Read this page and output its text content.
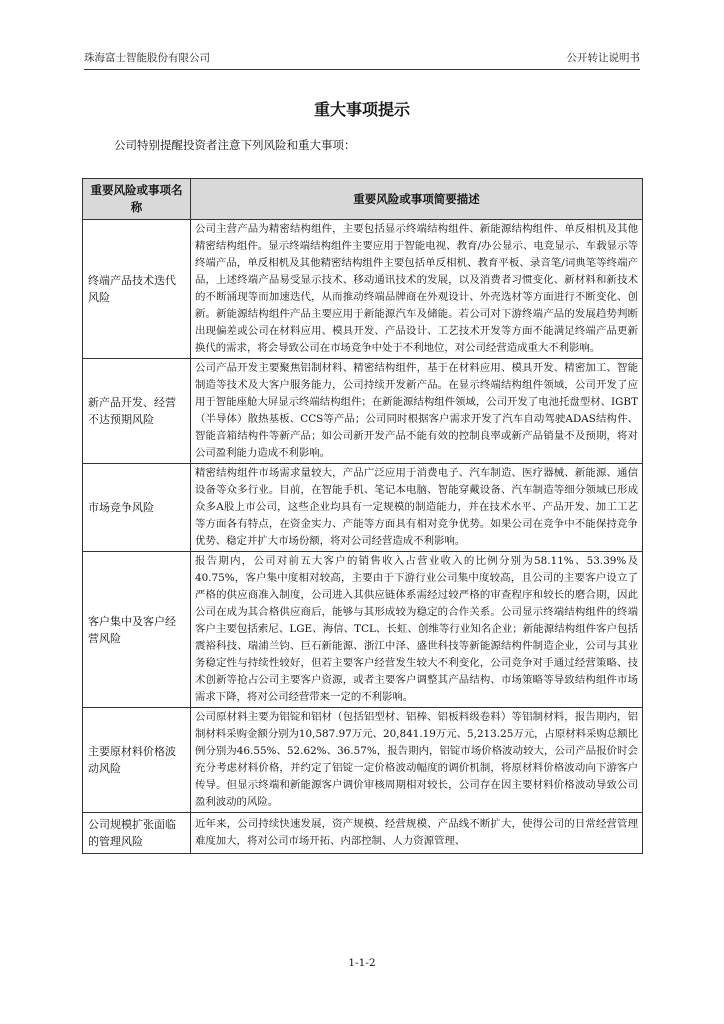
珠海富士智能股份有限公司	公开转让说明书
重大事项提示
公司特别提醒投资者注意下列风险和重大事项：
重要风险或事项名称	重要风险或事项简要描述
终端产品技术迭代风险	公司主营产品为精密结构组件，主要包括显示终端结构组件、新能源结构组件、单反相机及其他精密结构组件。显示终端结构组件主要应用于智能电视、教育/办公显示、电竞显示、车载显示等终端产品，单反相机及其他精密结构组件主要包括单反相机、教育平板、录音笔/词典笔等终端产品，上述终端产品易受显示技术、移动通讯技术的发展，以及消费者习惯变化、新材料和新技术的不断涌现等而加速迭代，从而推动终端品牌商在外观设计、外壳选材等方面进行不断变化、创新。新能源结构组件产品主要应用于新能源汽车及储能。若公司对下游终端产品的发展趋势判断出现偏差或公司在材料应用、模具开发、产品设计、工艺技术开发等方面不能满足终端产品更新换代的需求，将会导致公司在市场竞争中处于不利地位，对公司经营造成重大不利影响。
新产品开发、经营不达预期风险	公司产品开发主要聚焦铝制材料、精密结构组件，基于在材料应用、模具开发、精密加工、智能制造等技术及大客户服务能力，公司持续开发新产品。在显示终端结构组件领域，公司开发了应用于智能座舱大屏显示终端结构组件；在新能源结构组件领域，公司开发了电池托盘型材、IGBT（半导体）散热基板、CCS等产品；公司同时根据客户需求开发了汽车自动驾驶ADAS结构件、智能音箱结构件等新产品；如公司新开发产品不能有效的控制良率或新产品销量不及预期，将对公司盈利能力造成不利影响。
市场竞争风险	精密结构组件市场需求量较大，产品广泛应用于消费电子、汽车制造、医疗器械、新能源、通信设备等众多行业。目前，在智能手机、笔记本电脑、智能穿戴设备、汽车制造等细分领域已形成众多A股上市公司，这些企业均具有一定规模的制造能力，并在技术水平、产品开发、加工工艺等方面各有特点，在资金实力、产能等方面具有相对竞争优势。如果公司在竞争中不能保持竞争优势、稳定并扩大市场份额，将对公司经营造成不利影响。
客户集中及客户经营风险	报告期内，公司对前五大客户的销售收入占营业收入的比例分别为58.11%、53.39%及40.75%，客户集中度相对较高，主要由于下游行业公司集中度较高，且公司的主要客户设立了严格的供应商准入制度，公司进入其供应链体系需经过较严格的审查程序和较长的磨合期，因此公司在成为其合格供应商后，能够与其形成较为稳定的合作关系。公司显示终端结构组件的终端客户主要包括索尼、LGE、海信、TCL、长虹、创维等行业知名企业；新能源结构组件客户包括震裕科技、瑞浦兰钧、巨石新能源、浙江中泽、盛世科技等新能源结构件制造企业，公司与其业务稳定性与持续性较好，但若主要客户经营发生较大不利变化，公司竞争对手通过经营策略、技术创新等抢占公司主要客户资源，或者主要客户调整其产品结构、市场策略等导致结构组件市场需求下降，将对公司经营带来一定的不利影响。
主要原材料价格波动风险	公司原材料主要为铝锭和铝材（包括铝型材、铝棒、铝板料级卷料）等铝制材料，报告期内，铝制材料采购金额分别为10,587.97万元、20,841.19万元、5,213.25万元，占原材料采购总额比例分别为46.55%、52.62%、36.57%，报告期内，铝锭市场价格波动较大，公司产品报价时会充分考虑材料价格，并约定了铝锭一定价格波动幅度的调价机制，将原材料价格波动向下游客户传导。但显示终端和新能源客户调价审核周期相对较长，公司存在因主要材料价格波动导致公司盈利波动的风险。
公司规模扩张面临的管理风险	近年来，公司持续快速发展，资产规模、经营规模、产品线不断扩大，使得公司的日常经营管理难度加大，将对公司市场开拓、内部控制、人力资源管理、
1-1-2
